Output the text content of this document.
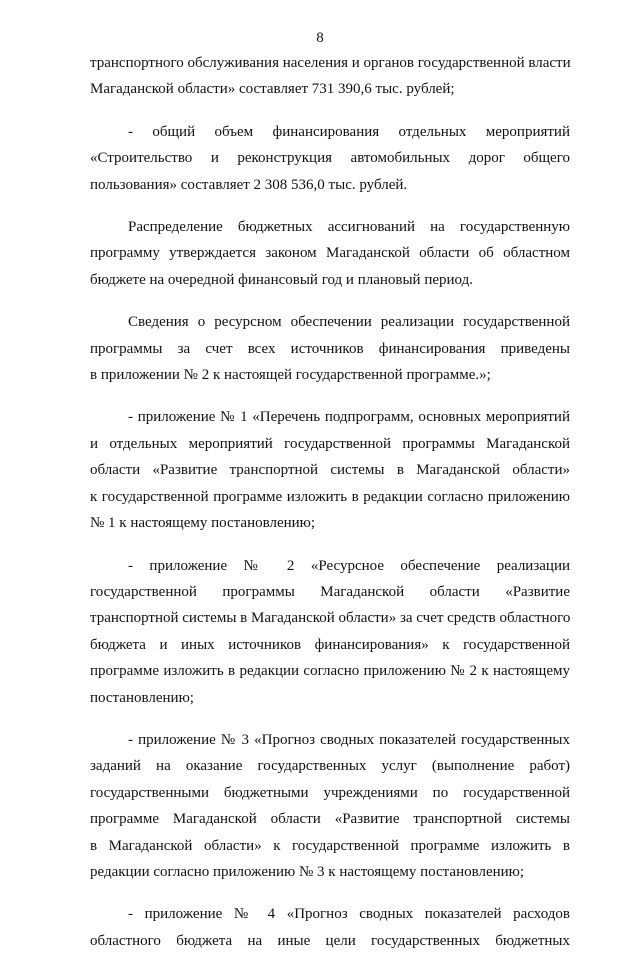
8
транспортного обслуживания населения и органов государственной власти
Магаданской области» составляет 731 390,6 тыс. рублей;
- общий объем финансирования отдельных мероприятий
«Строительство и реконструкция автомобильных дорог общего
пользования» составляет 2 308 536,0 тыс. рублей.
Распределение бюджетных ассигнований на государственную
программу утверждается законом Магаданской области об областном
бюджете на очередной финансовый год и плановый период.
Сведения о ресурсном обеспечении реализации государственной
программы за счет всех источников финансирования приведены
в приложении № 2 к настоящей государственной программе.»;
- приложение № 1 «Перечень подпрограмм, основных мероприятий
и отдельных мероприятий государственной программы Магаданской
области «Развитие транспортной системы в Магаданской области»
к государственной программе изложить в редакции согласно приложению
№ 1 к настоящему постановлению;
- приложение № 2 «Ресурсное обеспечение реализации
государственной программы Магаданской области «Развитие
транспортной системы в Магаданской области» за счет средств областного
бюджета и иных источников финансирования» к государственной
программе изложить в редакции согласно приложению № 2 к настоящему
постановлению;
- приложение № 3 «Прогноз сводных показателей государственных
заданий на оказание государственных услуг (выполнение работ)
государственными бюджетными учреждениями по государственной
программе Магаданской области «Развитие транспортной системы
в Магаданской области» к государственной программе изложить в
редакции согласно приложению № 3 к настоящему постановлению;
- приложение № 4 «Прогноз сводных показателей расходов
областного бюджета на иные цели государственных бюджетных
